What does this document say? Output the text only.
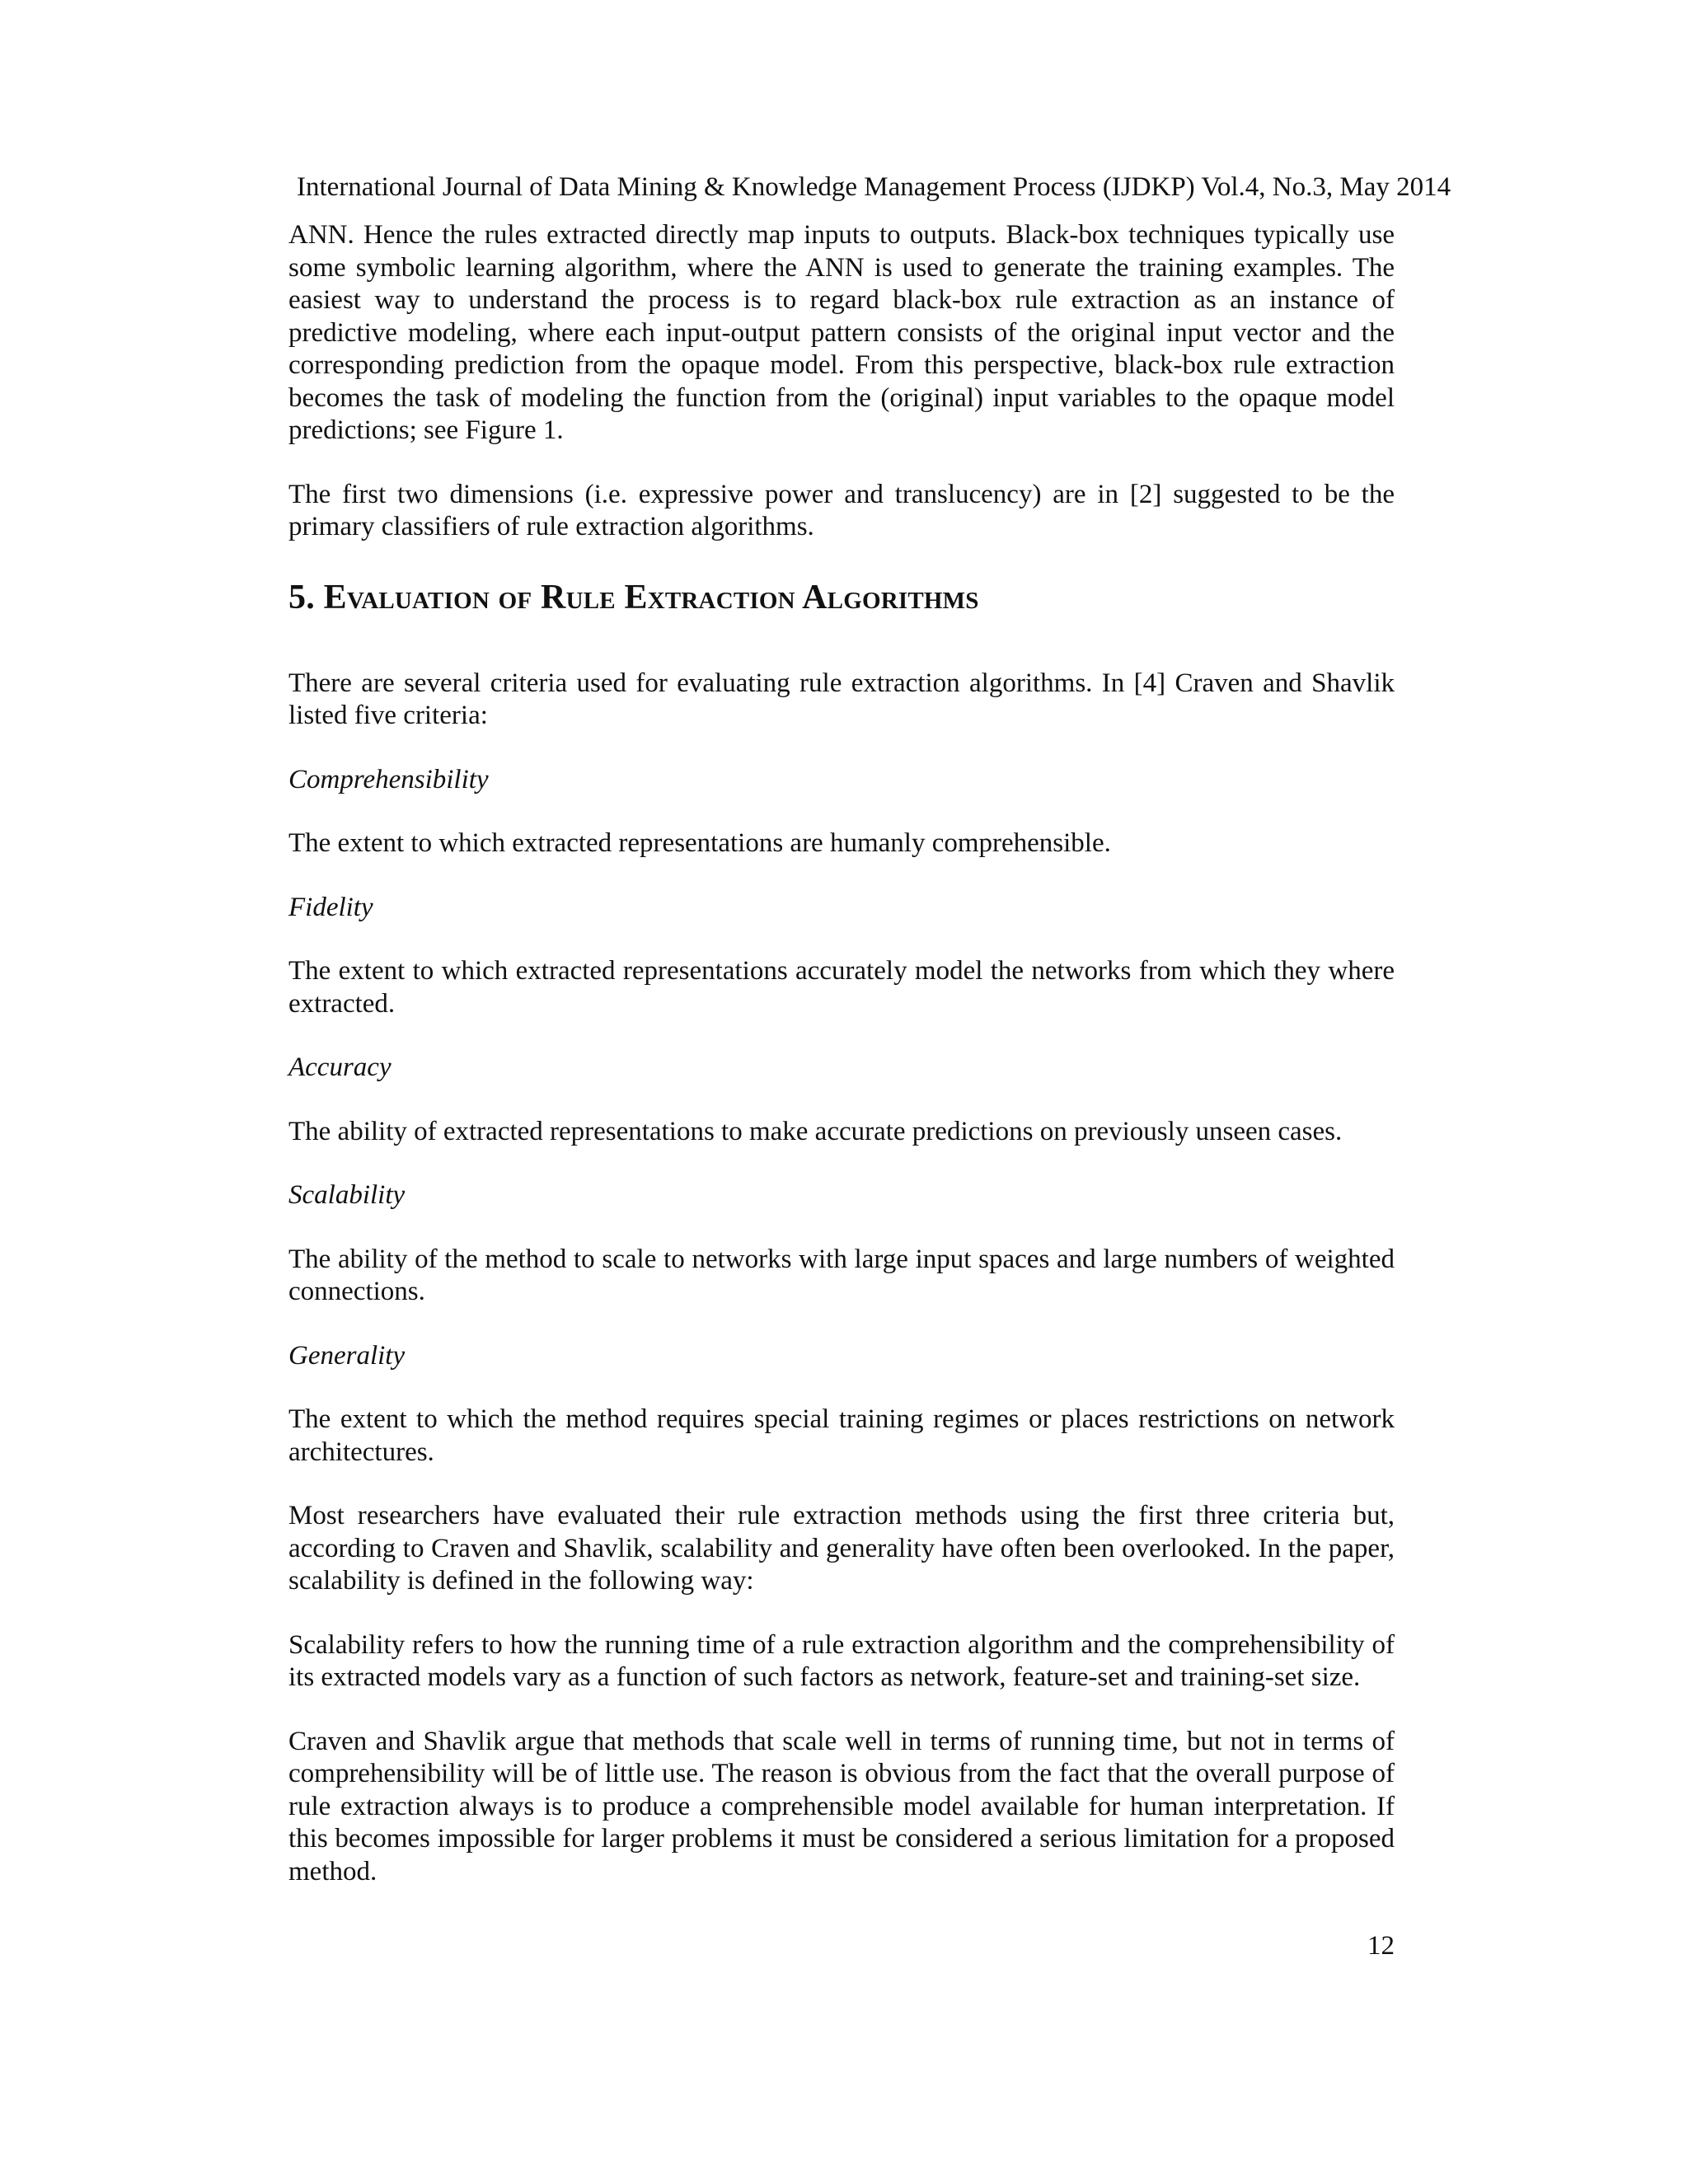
International Journal of Data Mining & Knowledge Management Process (IJDKP) Vol.4, No.3, May 2014

ANN. Hence the rules extracted directly map inputs to outputs. Black-box techniques typically use some symbolic learning algorithm, where the ANN is used to generate the training examples. The easiest way to understand the process is to regard black-box rule extraction as an instance of predictive modeling, where each input-output pattern consists of the original input vector and the corresponding prediction from the opaque model. From this perspective, black-box rule extraction becomes the task of modeling the function from the (original) input variables to the opaque model predictions; see Figure 1.

The first two dimensions (i.e. expressive power and translucency) are in [2] suggested to be the primary classifiers of rule extraction algorithms.

5. Evaluation of Rule Extraction Algorithms

There are several criteria used for evaluating rule extraction algorithms. In [4] Craven and Shavlik listed five criteria:

Comprehensibility

The extent to which extracted representations are humanly comprehensible.

Fidelity

The extent to which extracted representations accurately model the networks from which they where extracted.

Accuracy

The ability of extracted representations to make accurate predictions on previously unseen cases.

Scalability

The ability of the method to scale to networks with large input spaces and large numbers of weighted connections.

Generality

The extent to which the method requires special training regimes or places restrictions on network architectures.

Most researchers have evaluated their rule extraction methods using the first three criteria but, according to Craven and Shavlik, scalability and generality have often been overlooked. In the paper, scalability is defined in the following way:

Scalability refers to how the running time of a rule extraction algorithm and the comprehensibility of its extracted models vary as a function of such factors as network, feature-set and training-set size.

Craven and Shavlik argue that methods that scale well in terms of running time, but not in terms of comprehensibility will be of little use. The reason is obvious from the fact that the overall purpose of rule extraction always is to produce a comprehensible model available for human interpretation. If this becomes impossible for larger problems it must be considered a serious limitation for a proposed method.

12
